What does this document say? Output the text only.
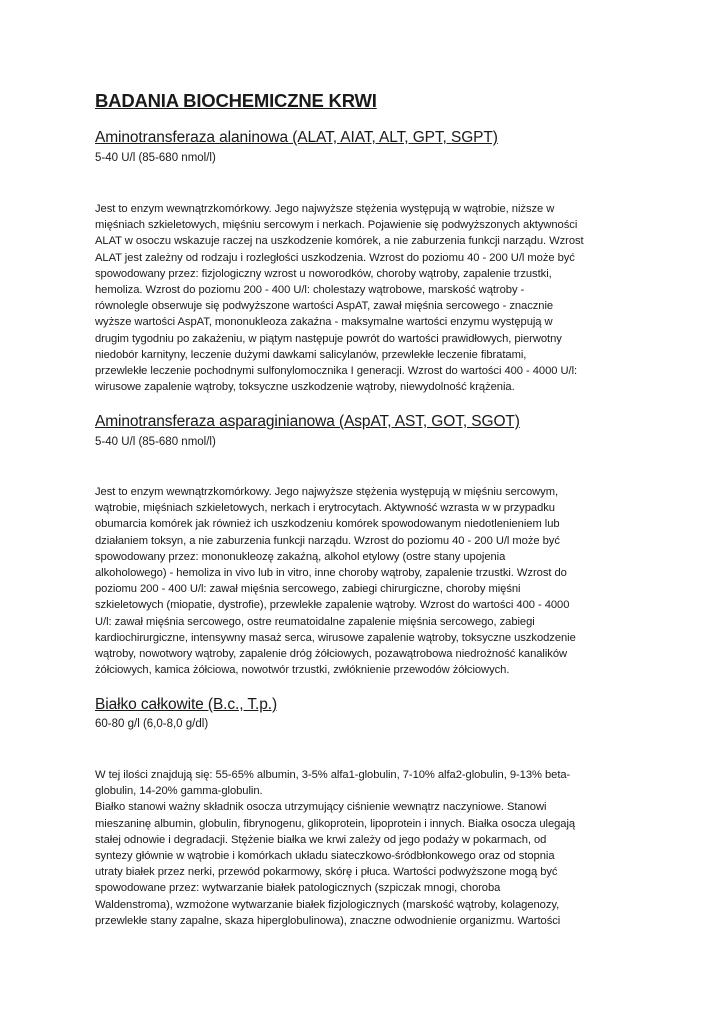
BADANIA BIOCHEMICZNE KRWI
Aminotransferaza alaninowa (ALAT, AIAT, ALT, GPT, SGPT)

5-40 U/l (85-680 nmol/l)

Jest to enzym wewnątrzkomórkowy. Jego najwyższe stężenia występują w wątrobie, niższe w
mięśniach szkieletowych, mięśniu sercowym i nerkach. Pojawienie się podwyższonych aktywności
ALAT w osoczu wskazuje raczej na uszkodzenie komórek, a nie zaburzenia funkcji narządu. Wzrost
ALAT jest zależny od rodzaju i rozległości uszkodzenia. Wzrost do poziomu 40 - 200 U/l może być
spowodowany przez: fizjologiczny wzrost u noworodków, choroby wątroby, zapalenie trzustki,
hemoliza. Wzrost do poziomu 200 - 400 U/l: cholestazy wątrobowe, marskość wątroby -
równolegle obserwuje się podwyższone wartości AspAT, zawał mięśnia sercowego - znacznie
wyższe wartości AspAT, mononukleoza zakaźna - maksymalne wartości enzymu występują w
drugim tygodniu po zakażeniu, w piątym następuje powrót do wartości prawidłowych, pierwotny
niedobór karnityny, leczenie dużymi dawkami salicylanów, przewlekłe leczenie fibratami,
przewlekłe leczenie pochodnymi sulfonylomocznika I generacji. Wzrost do wartości 400 - 4000 U/l:
wirusowe zapalenie wątroby, toksyczne uszkodzenie wątroby, niewydolność krążenia.
Aminotransferaza asparaginianowa (AspAT, AST, GOT, SGOT)

5-40 U/l (85-680 nmol/l)

Jest to enzym wewnątrzkomórkowy. Jego najwyższe stężenia występują w mięśniu sercowym,
wątrobie, mięśniach szkieletowych, nerkach i erytrocytach. Aktywność wzrasta w w przypadku
obumarcia komórek jak również ich uszkodzeniu komórek spowodowanym niedotlenieniem lub
działaniem toksyn, a nie zaburzenia funkcji narządu. Wzrost do poziomu 40 - 200 U/l może być
spowodowany przez: mononukleozę zakaźną, alkohol etylowy (ostre stany upojenia
alkoholowego) - hemoliza in vivo lub in vitro, inne choroby wątroby, zapalenie trzustki. Wzrost do
poziomu 200 - 400 U/l: zawał mięśnia sercowego, zabiegi chirurgiczne, choroby mięśni
szkieletowych (miopatie, dystrofie), przewlekłe zapalenie wątroby. Wzrost do wartości 400 - 4000
U/l: zawał mięśnia sercowego, ostre reumatoidalne zapalenie mięśnia sercowego, zabiegi
kardiochirurgiczne, intensywny masaż serca, wirusowe zapalenie wątroby, toksyczne uszkodzenie
wątroby, nowotwory wątroby, zapalenie dróg żółciowych, pozawątrobowa niedrożność kanalików
żółciowych, kamica żółciowa, nowotwór trzustki, zwłóknienie przewodów żółciowych.
Białko całkowite (B.c., T.p.)

60-80 g/l (6,0-8,0 g/dl)

W tej ilości znajdują się: 55-65% albumin, 3-5% alfa1-globulin, 7-10% alfa2-globulin, 9-13% beta-
globulin, 14-20% gamma-globulin.
Białko stanowi ważny składnik osocza utrzymujący ciśnienie wewnątrz naczyniowe. Stanowi
mieszaninę albumin, globulin, fibrynogenu, glikoprotein, lipoprotein i innych. Białka osocza ulegają
stałej odnowie i degradacji. Stężenie białka we krwi zależy od jego podaży w pokarmach, od
syntezy głównie w wątrobie i komórkach układu siateczkowo-śródbłonkowego oraz od stopnia
utraty białek przez nerki, przewód pokarmowy, skórę i płuca. Wartości podwyższone mogą być
spowodowane przez: wytwarzanie białek patologicznych (szpiczak mnogi, choroba
Waldenstroma), wzmożone wytwarzanie białek fizjologicznych (marskość wątroby, kolagenozy,
przewlekłe stany zapalne, skaza hiperglobulinowa), znaczne odwodnienie organizmu. Wartości
